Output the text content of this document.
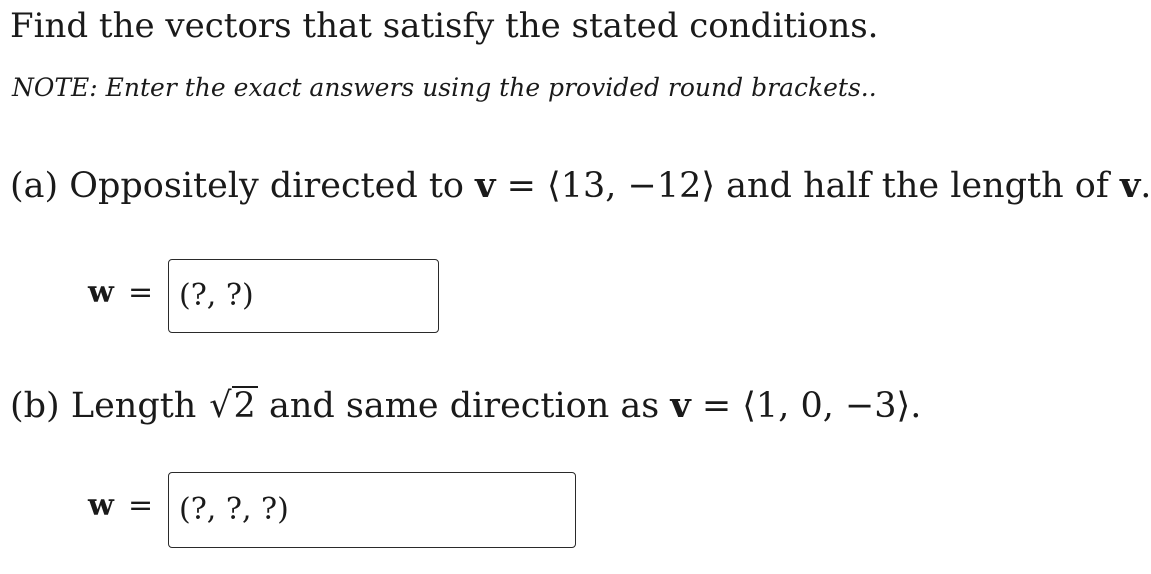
Find the vectors that satisfy the stated conditions.
NOTE: Enter the exact answers using the provided round brackets..
(a) Oppositely directed to v = ⟨13, −12⟩ and half the length of v.
w = (?, ?)
(b) Length √2 and same direction as v = ⟨1, 0, −3⟩.
w = (?, ?, ?)
